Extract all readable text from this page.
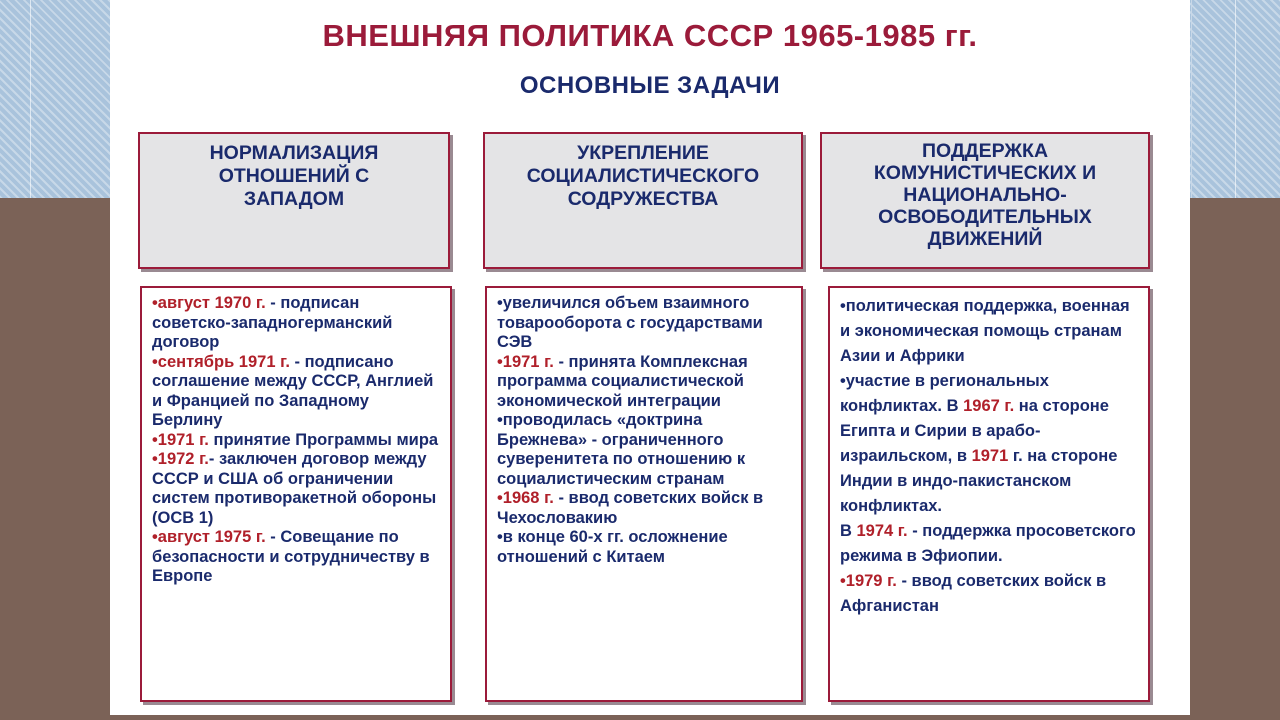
ВНЕШНЯЯ ПОЛИТИКА СССР 1965-1985 гг.
ОСНОВНЫЕ ЗАДАЧИ
НОРМАЛИЗАЦИЯ
ОТНОШЕНИЙ С
ЗАПАДОМ
УКРЕПЛЕНИЕ
СОЦИАЛИСТИЧЕСКОГО
СОДРУЖЕСТВА
ПОДДЕРЖКА
КОМУНИСТИЧЕСКИХ И
НАЦИОНАЛЬНО-
ОСВОБОДИТЕЛЬНЫХ
ДВИЖЕНИЙ

•август 1970 г. - подписан советско-западногерманский договор

•сентябрь 1971 г. - подписано соглашение между СССР, Англией и Францией по Западному Берлину

•1971 г. принятие Программы мира

•1972 г.- заключен договор между СССР и США об ограничении систем противоракетной обороны (ОСВ 1)

•август 1975 г. - Совещание по безопасности и сотрудничеству в Европе

•увеличился объем взаимного товарооборота с государствами СЭВ

•1971 г. - принята Комплексная программа социалистической экономической интеграции

•проводилась «доктрина Брежнева» - ограниченного суверенитета по отношению к социалистическим странам

•1968 г. - ввод советских войск в Чехословакию

•в конце 60-х гг. осложнение отношений с Китаем

•политическая поддержка, военная и экономическая помощь странам Азии и Африки

•участие в региональных конфликтах. В 1967 г. на стороне Египта и Сирии в арабо-израильском, в 1971 г. на стороне Индии в индо-пакистанском конфликтах.

В 1974 г. - поддержка просоветского режима в Эфиопии.

•1979 г. - ввод советских войск в Афганистан
